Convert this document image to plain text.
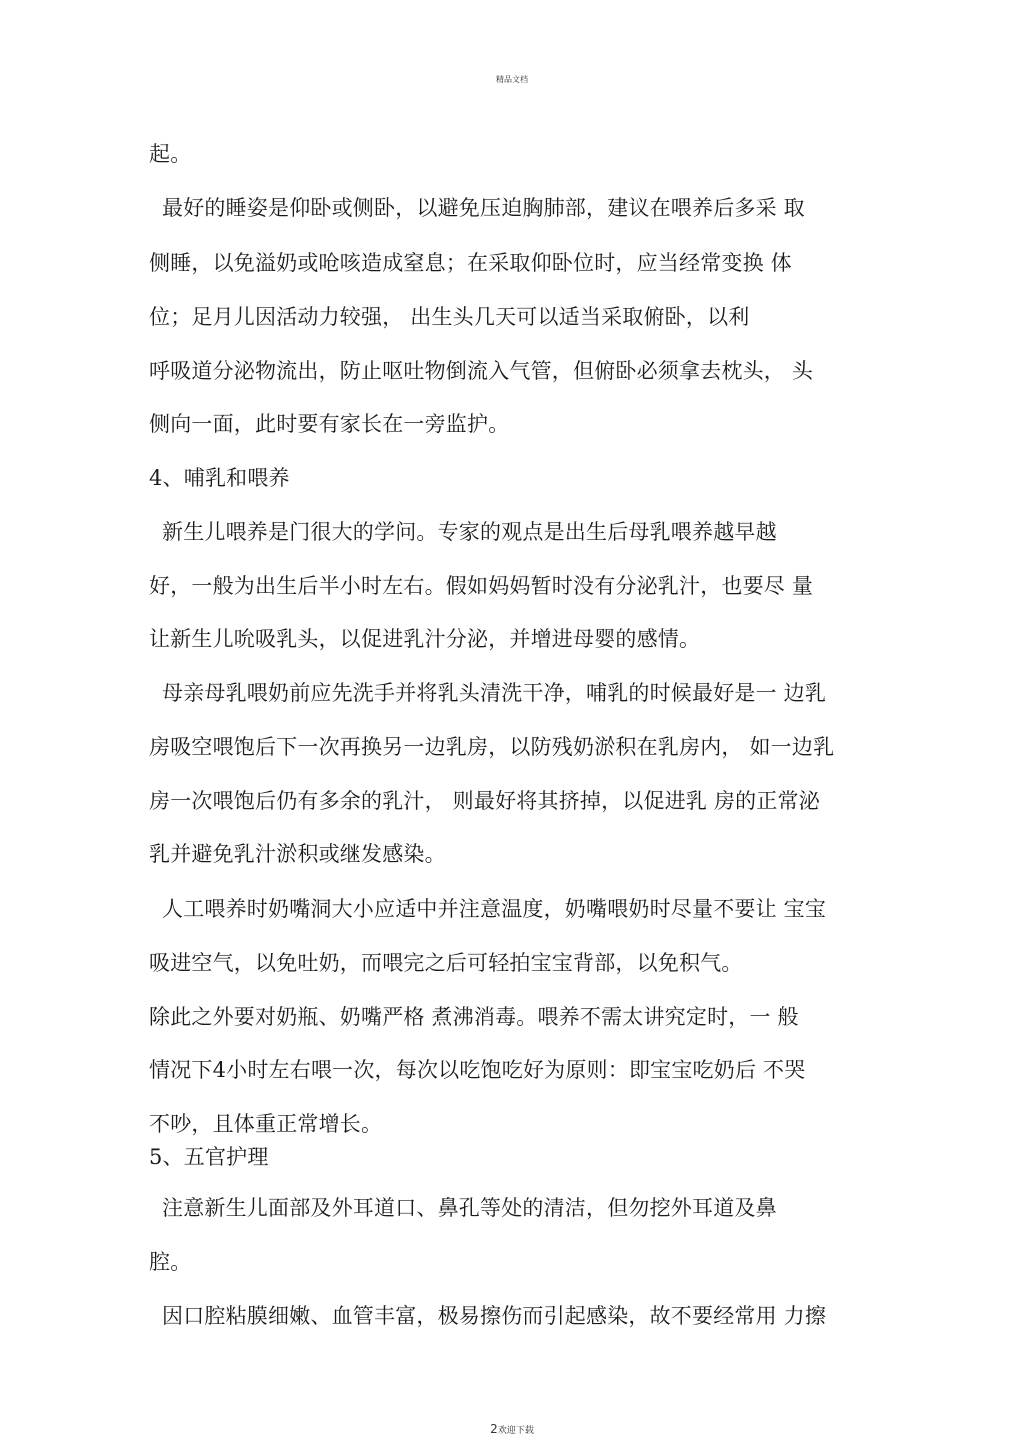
精品文档
起。
最好的睡姿是仰卧或侧卧，以避免压迫胸肺部，建议在喂养后多采 取
侧睡，以免溢奶或呛咳造成窒息；在采取仰卧位时，应当经常变换 体
位；足月儿因活动力较强， 出生头几天可以适当采取俯卧，以利
呼吸道分泌物流出，防止呕吐物倒流入气管，但俯卧必须拿去枕头， 头
侧向一面，此时要有家长在一旁监护。
4、哺乳和喂养
新生儿喂养是门很大的学问。专家的观点是出生后母乳喂养越早越
好，一般为出生后半小时左右。假如妈妈暂时没有分泌乳汁，也要尽 量
让新生儿吮吸乳头，以促进乳汁分泌，并增进母婴的感情。
母亲母乳喂奶前应先洗手并将乳头清洗干净，哺乳的时候最好是一 边乳
房吸空喂饱后下一次再换另一边乳房，以防残奶淤积在乳房内， 如一边乳
房一次喂饱后仍有多余的乳汁， 则最好将其挤掉，以促进乳 房的正常泌
乳并避免乳汁淤积或继发感染。
人工喂养时奶嘴洞大小应适中并注意温度，奶嘴喂奶时尽量不要让 宝宝
吸进空气，以免吐奶，而喂完之后可轻拍宝宝背部，以免积气。
除此之外要对奶瓶、奶嘴严格 煮沸消毒。喂养不需太讲究定时，一 般
情况下4小时左右喂一次，每次以吃饱吃好为原则：即宝宝吃奶后 不哭
不吵，且体重正常增长。
5、五官护理
注意新生儿面部及外耳道口、鼻孔等处的清洁，但勿挖外耳道及鼻
腔。
因口腔粘膜细嫩、血管丰富，极易擦伤而引起感染，故不要经常用 力擦
2欢迎下载
